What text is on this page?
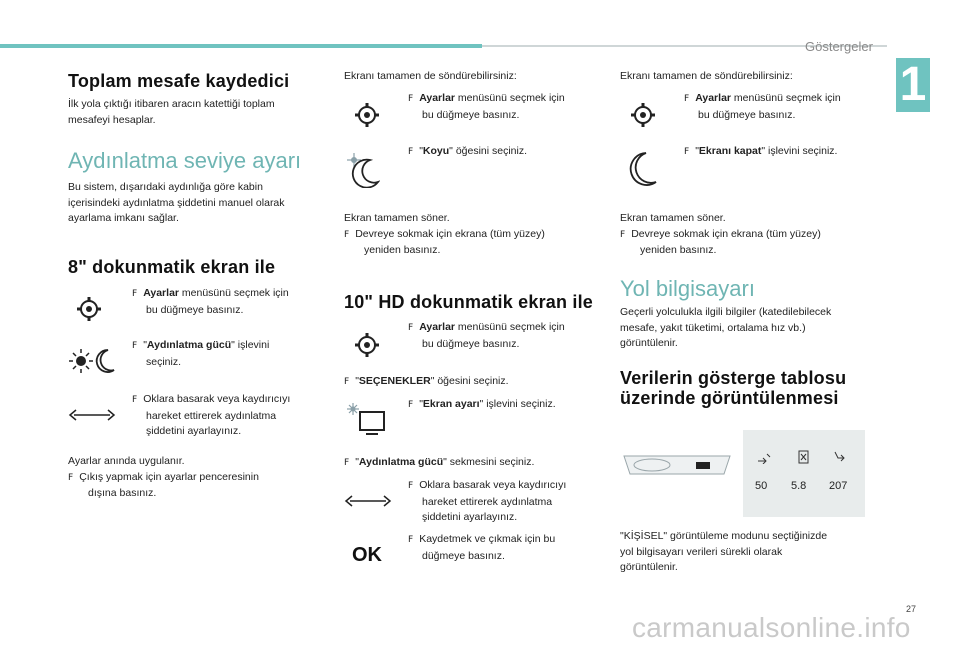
Göstergeler
1
Toplam mesafe kaydedici
İlk yola çıktığı itibaren aracın katettiği toplam
mesafeyi hesaplar.
Aydınlatma seviye ayarı
Bu sistem, dışarıdaki aydınlığa göre kabin
içerisindeki aydınlatma şiddetini manuel olarak
ayarlama imkanı sağlar.
8" dokunmatik ekran ile
F Ayarlar menüsünü seçmek için
bu düğmeye basınız.
F "Aydınlatma gücü" işlevini
seçiniz.
F Oklara basarak veya kaydırıcıyı
hareket ettirerek aydınlatma
şiddetini ayarlayınız.
Ayarlar anında uygulanır.
F Çıkış yapmak için ayarlar penceresinin
dışına basınız.
Ekranı tamamen de söndürebilirsiniz:
F Ayarlar menüsünü seçmek için
bu düğmeye basınız.
F "Koyu" öğesini seçiniz.
Ekran tamamen söner.
F Devreye sokmak için ekrana (tüm yüzey)
yeniden basınız.
10" HD dokunmatik ekran ile
F Ayarlar menüsünü seçmek için
bu düğmeye basınız.
F "SEÇENEKLER" öğesini seçiniz.
F "Ekran ayarı" işlevini seçiniz.
F "Aydınlatma gücü" sekmesini seçiniz.
F Oklara basarak veya kaydırıcıyı
hareket ettirerek aydınlatma
şiddetini ayarlayınız.
OK
F Kaydetmek ve çıkmak için bu
düğmeye basınız.
Ekranı tamamen de söndürebilirsiniz:
F Ayarlar menüsünü seçmek için
bu düğmeye basınız.
F "Ekranı kapat" işlevini seçiniz.
Ekran tamamen söner.
F Devreye sokmak için ekrana (tüm yüzey)
yeniden basınız.
Yol bilgisayarı
Geçerli yolculukla ilgili bilgiler (katedilebilecek
mesafe, yakıt tüketimi, ortalama hız vb.)
görüntülenir.
Verilerin gösterge tablosu
üzerinde görüntülenmesi
50 5.8 207
"KİŞİSEL" görüntüleme modunu seçtiğinizde
yol bilgisayarı verileri sürekli olarak
görüntülenir.
27
carmanualsonline.info
